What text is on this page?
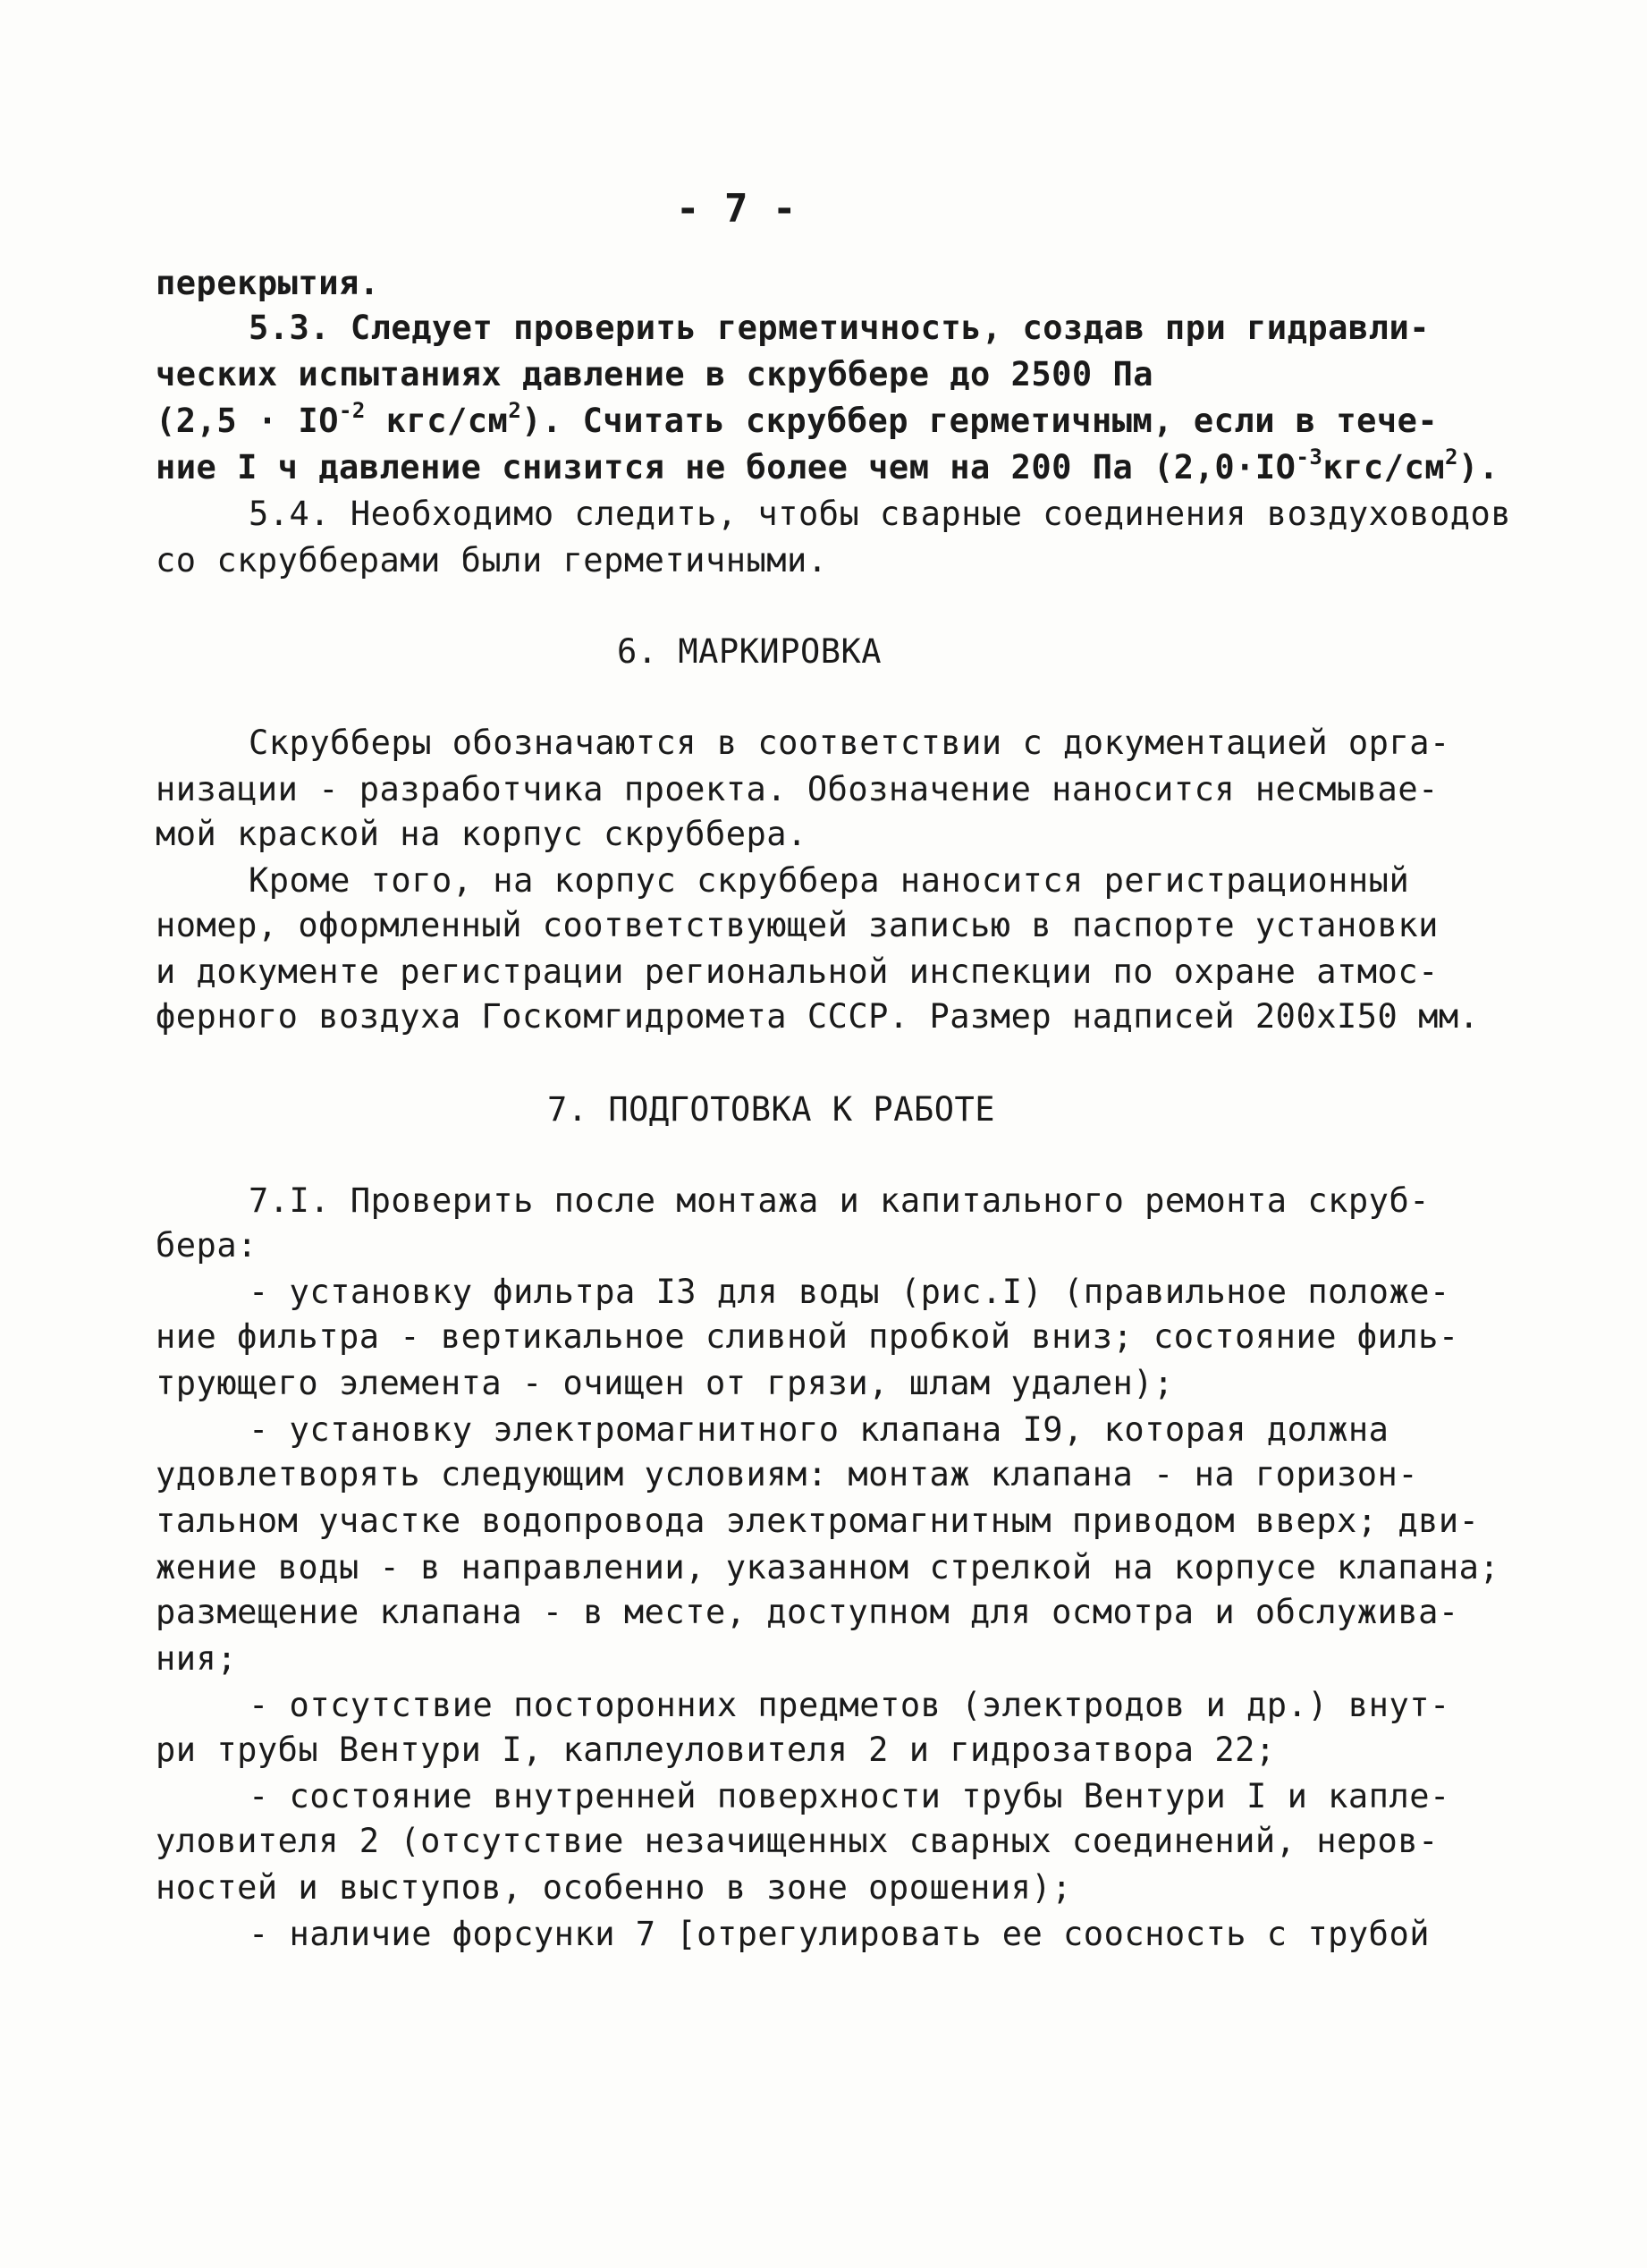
- 7 -
перекрытия.
5.3. Следует проверить герметичность, создав при гидравли-
ческих испытаниях давление в скруббере до 2500 Па
($2,5 \cdot IO^{-2}$ кгс/$см^2$). Считать скруббер герметичным, если в тече-
ние I ч давление снизится не более чем на 200 Па $(2,0\cdot IO^{-3}кгс/см^2)$.
5.4. Необходимо следить, чтобы сварные соединения воздуховодов
со скрубберами были герметичными.
6. МАРКИРОВКА
Скрубберы обозначаются в соответствии с документацией орга-
низации - разработчика проекта. Обозначение наносится несмывае-
мой краской на корпус скруббера.
Кроме того, на корпус скруббера наносится регистрационный
номер, оформленный соответствующей записью в паспорте установки
и документе регистрации региональной инспекции по охране атмос-
ферного воздуха Госкомгидромета СССР. Размер надписей 200хI50 мм.
7. ПОДГОТОВКА К РАБОТЕ
7.I. Проверить после монтажа и капитального ремонта скруб-
бера:
- установку фильтра I3 для воды (рис.I) (правильное положе-
ние фильтра - вертикальное сливной пробкой вниз; состояние филь-
трующего элемента - очищен от грязи, шлам удален);
- установку электромагнитного клапана I9, которая должна
удовлетворять следующим условиям: монтаж клапана - на горизон-
тальном участке водопровода электромагнитным приводом вверх; дви-
жение воды - в направлении, указанном стрелкой на корпусе клапана;
размещение клапана - в месте, доступном для осмотра и обслужива-
ния;
- отсутствие посторонних предметов (электродов и др.) внут-
ри трубы Вентури I, каплеуловителя 2 и гидрозатвора 22;
- состояние внутренней поверхности трубы Вентури I и капле-
уловителя 2 (отсутствие незачищенных сварных соединений, неров-
ностей и выступов, особенно в зоне орошения);
- наличие форсунки 7 [отрегулировать ее соосность с трубой
